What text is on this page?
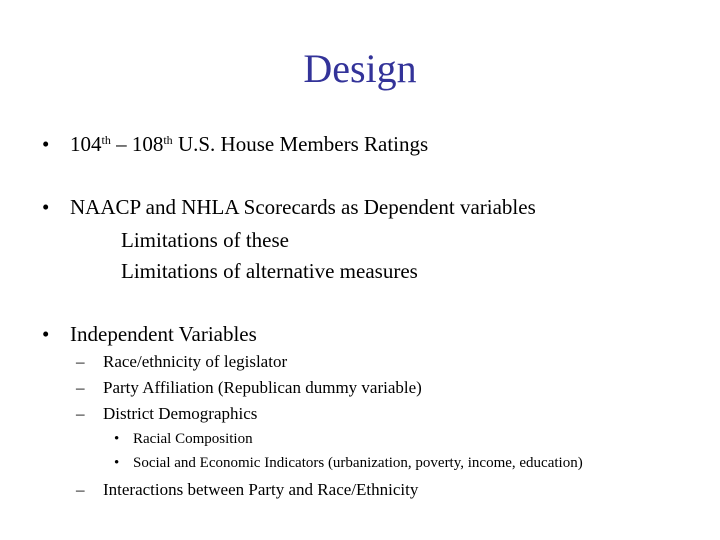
Design
• 104th – 108th U.S. House Members Ratings
• NAACP and NHLA Scorecards as Dependent variables
Limitations of these
Limitations of alternative measures
• Independent Variables
– Race/ethnicity of legislator
– Party Affiliation (Republican dummy variable)
– District Demographics
• Racial Composition
• Social and Economic Indicators (urbanization, poverty, income, education)
– Interactions between Party and Race/Ethnicity
